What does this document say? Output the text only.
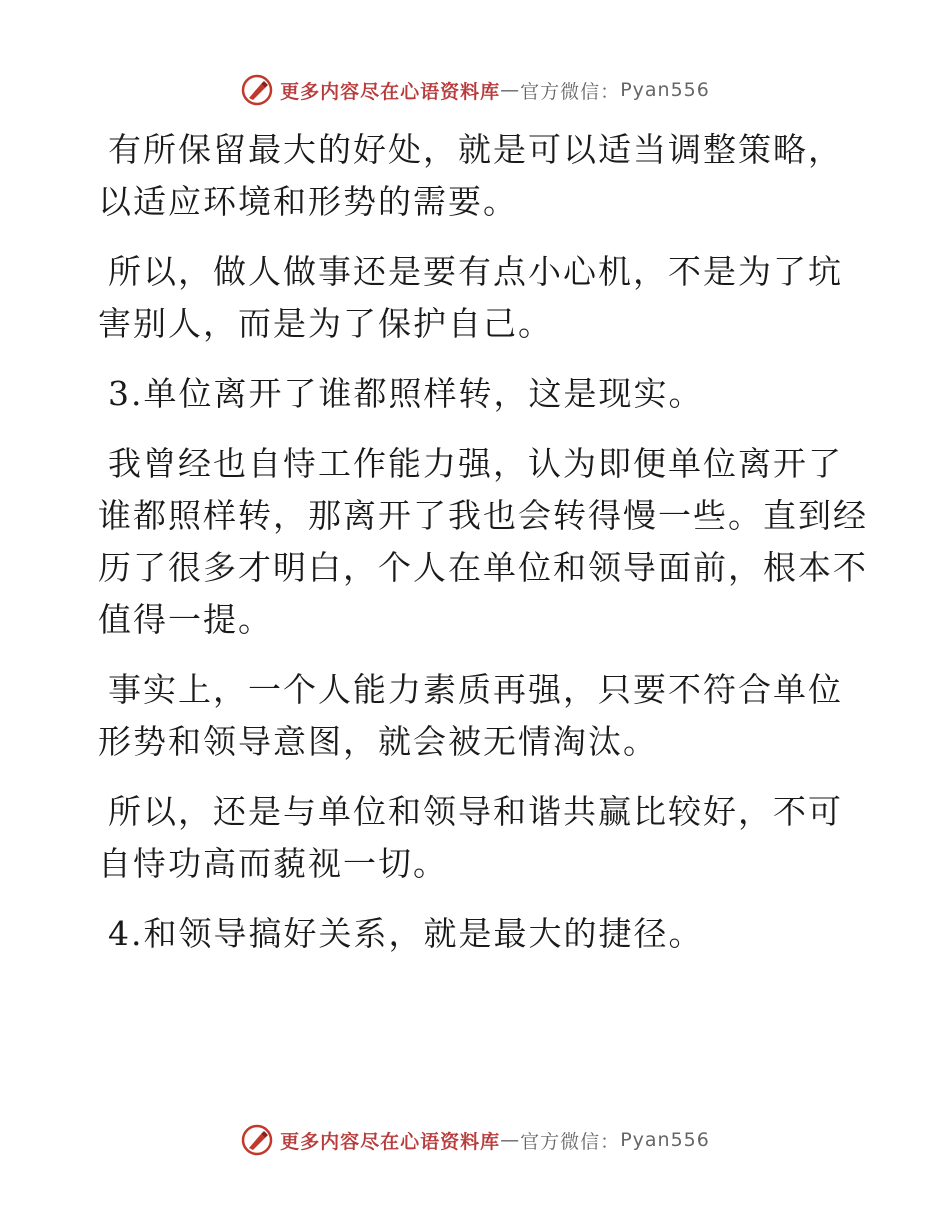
更多内容尽在心语资料库 — 官方微信： Pyan556
有所保留最大的好处，就是可以适当调整策略，
以适应环境和形势的需要。
所以，做人做事还是要有点小心机，不是为了坑
害别人，而是为了保护自己。
3.单位离开了谁都照样转，这是现实。
我曾经也自恃工作能力强，认为即便单位离开了
谁都照样转，那离开了我也会转得慢一些。直到经
历了很多才明白，个人在单位和领导面前，根本不
值得一提。
事实上，一个人能力素质再强，只要不符合单位
形势和领导意图，就会被无情淘汰。
所以，还是与单位和领导和谐共赢比较好，不可
自恃功高而藐视一切。
4.和领导搞好关系，就是最大的捷径。
更多内容尽在心语资料库 — 官方微信： Pyan556
